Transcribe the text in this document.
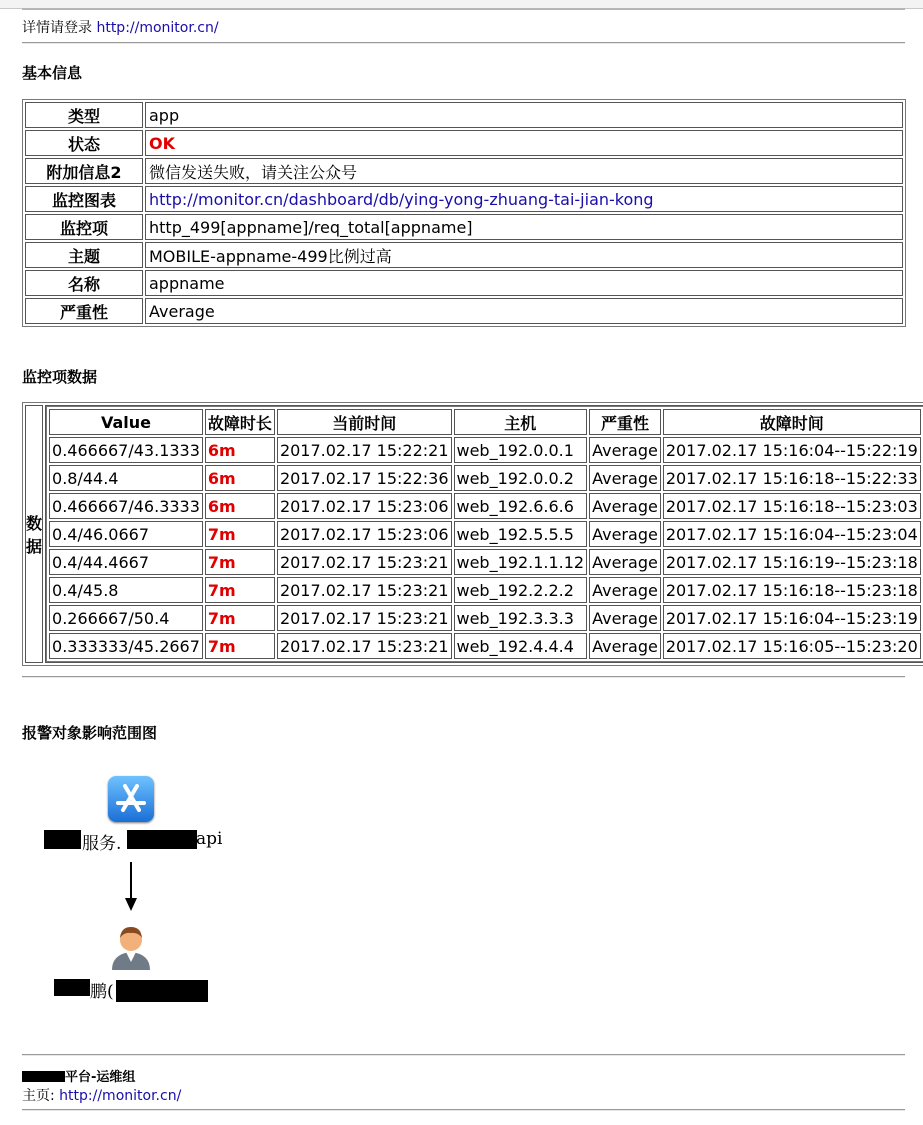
详情请登录 http://monitor.cn/
基本信息
类型	app
状态	OK
附加信息2	微信发送失败，请关注公众号
监控图表	http://monitor.cn/dashboard/db/ying-yong-zhuang-tai-jian-kong
监控项	http_499[appname]/req_total[appname]
主题	MOBILE-appname-499比例过高
名称	appname
严重性	Average
监控项数据
数据	
Value	故障时长	当前时间	主机	严重性	故障时间
0.466667/43.1333	6m	2017.02.17 15:22:21	web_192.0.0.1	Average	2017.02.17 15:16:04--15:22:19
0.8/44.4	6m	2017.02.17 15:22:36	web_192.0.0.2	Average	2017.02.17 15:16:18--15:22:33
0.466667/46.3333	6m	2017.02.17 15:23:06	web_192.6.6.6	Average	2017.02.17 15:16:18--15:23:03
0.4/46.0667	7m	2017.02.17 15:23:06	web_192.5.5.5	Average	2017.02.17 15:16:04--15:23:04
0.4/44.4667	7m	2017.02.17 15:23:21	web_192.1.1.12	Average	2017.02.17 15:16:19--15:23:18
0.4/45.8	7m	2017.02.17 15:23:21	web_192.2.2.2	Average	2017.02.17 15:16:18--15:23:18
0.266667/50.4	7m	2017.02.17 15:23:21	web_192.3.3.3	Average	2017.02.17 15:16:04--15:23:19
0.333333/45.2667	7m	2017.02.17 15:23:21	web_192.4.4.4	Average	2017.02.17 15:16:05--15:23:20
报警对象影响范围图
服务.	api
鹏(
平台-运维组
主页: http://monitor.cn/
